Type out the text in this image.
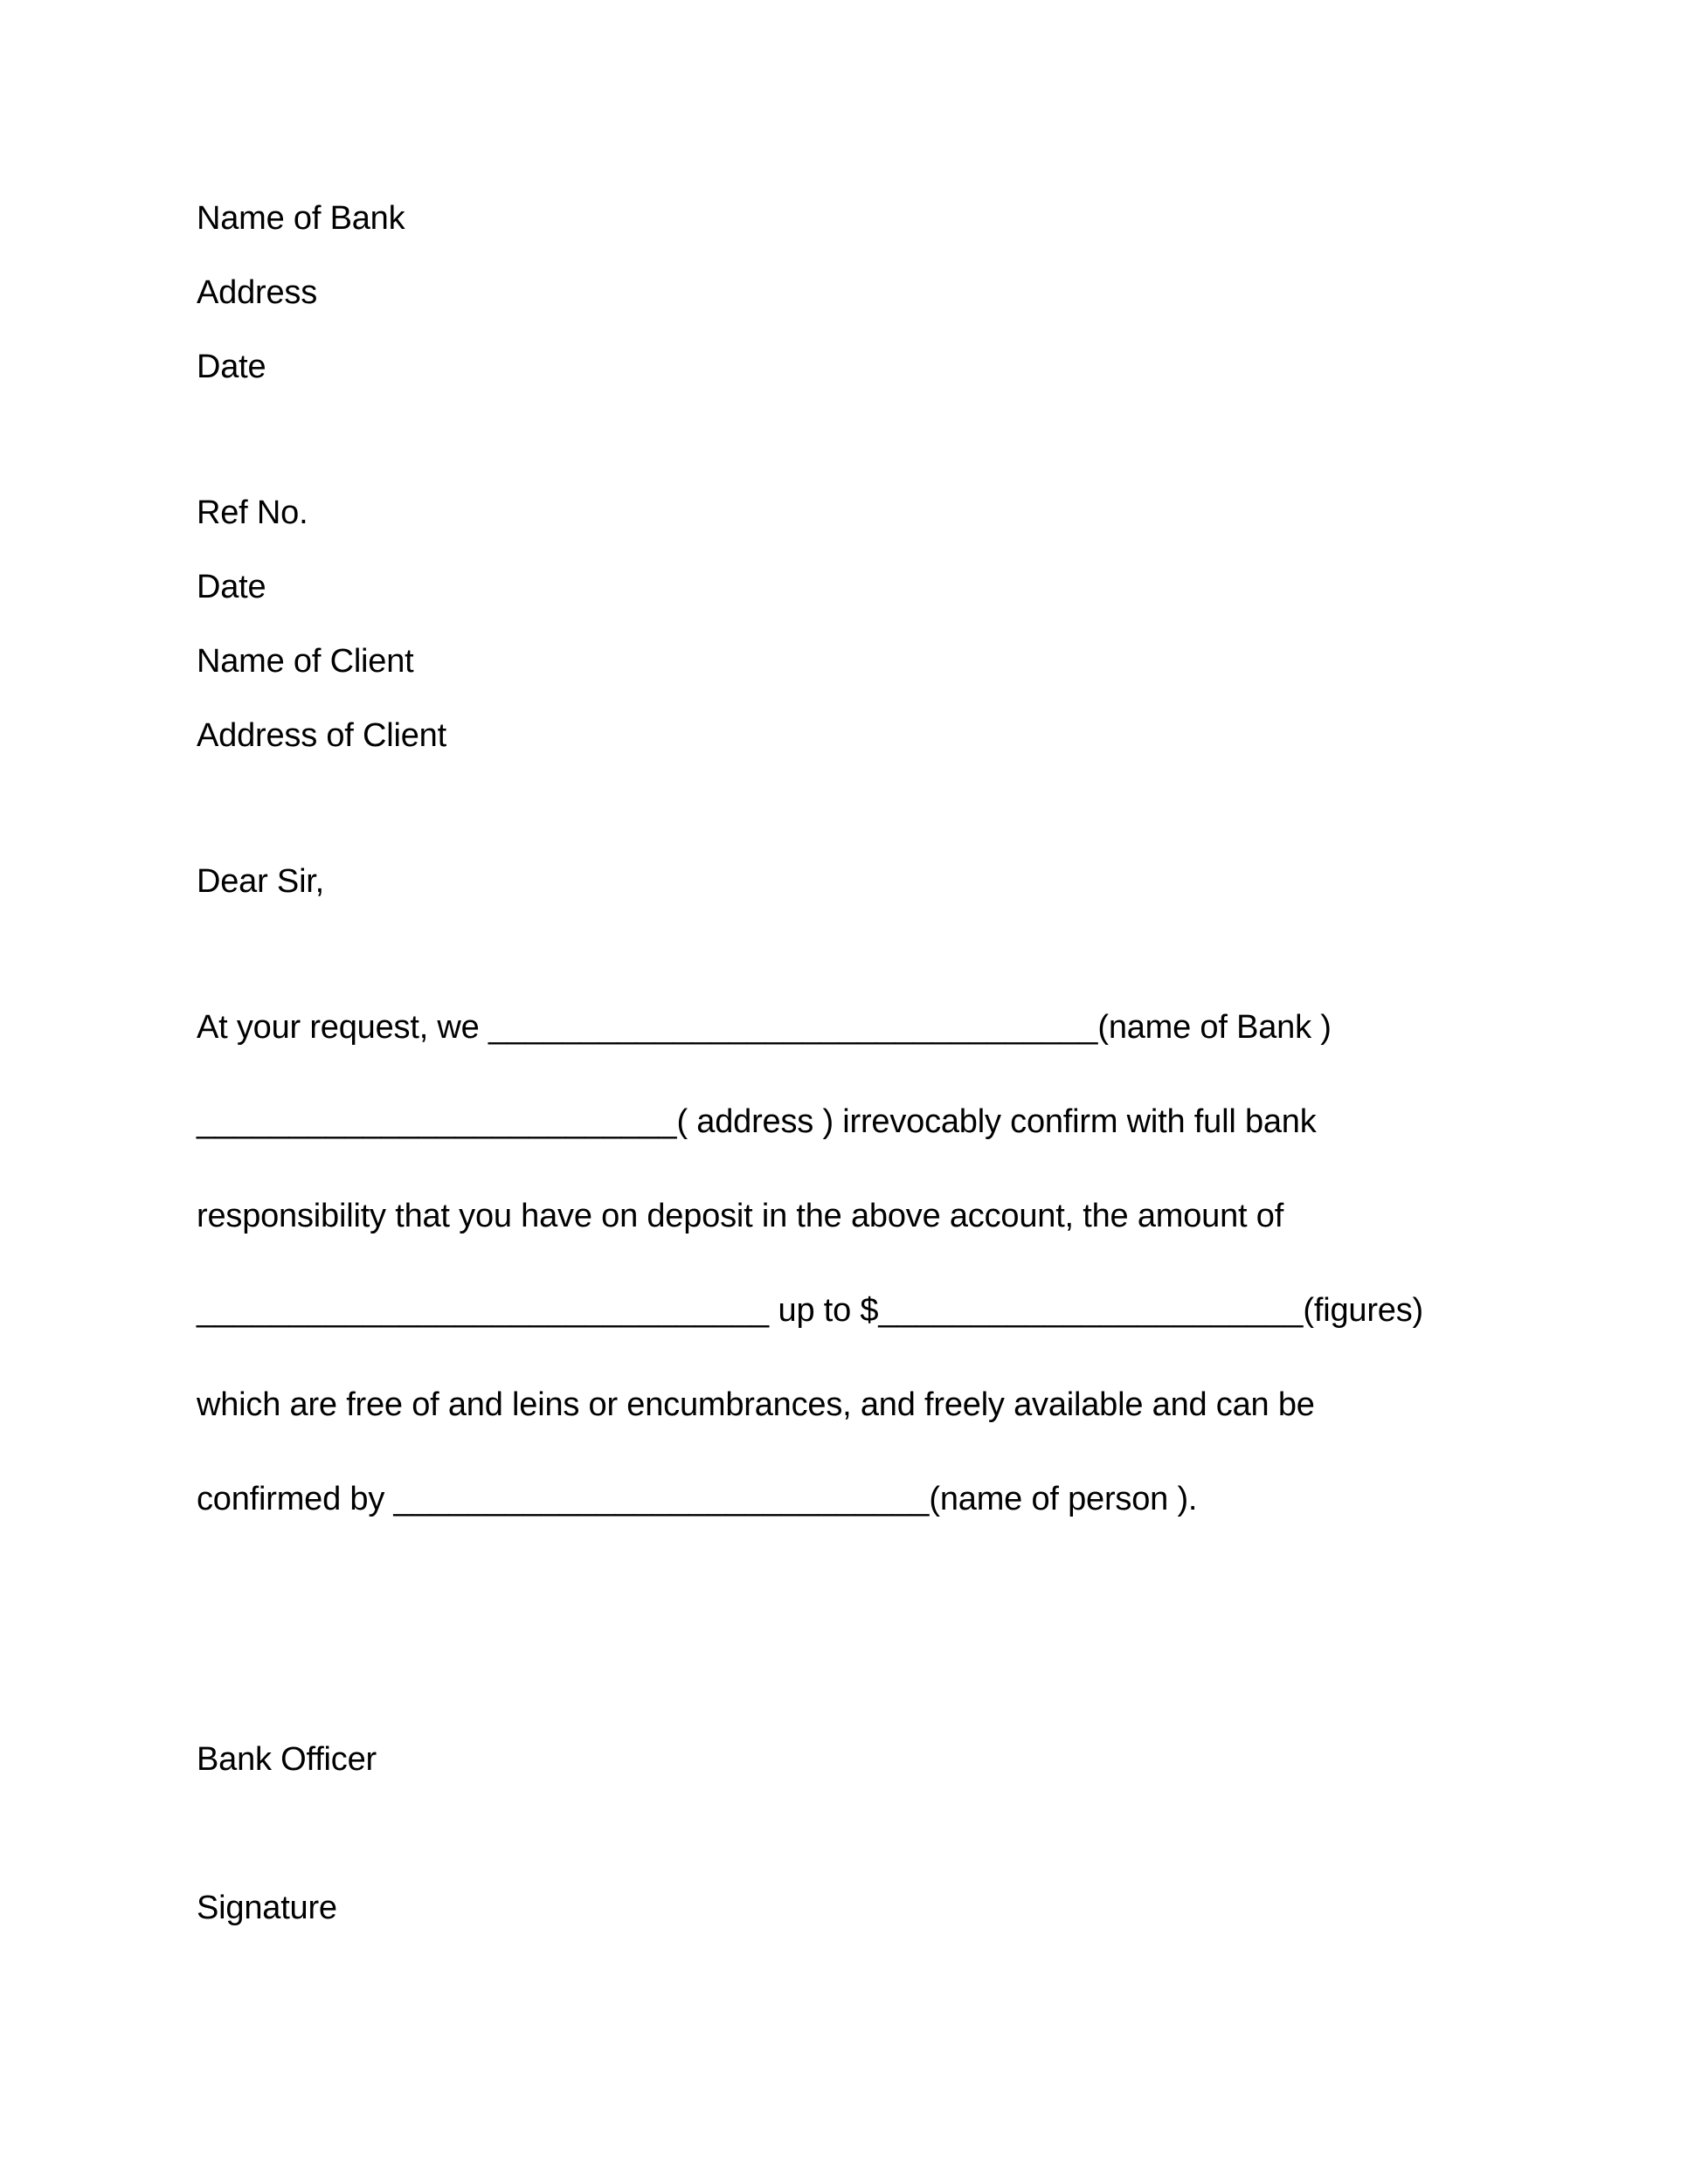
Name of Bank

Address

Date

Ref No.

Date

Name of Client

Address of Client

Dear Sir,

At your request, we _________________________________(name of Bank )

__________________________( address ) irrevocably confirm with full bank

responsibility that you have on deposit in the above account, the amount of

_______________________________ up to $_______________________(figures)

which are free of and leins or encumbrances, and freely available and can be

confirmed by _____________________________(name of person ).

Bank Officer

Signature
